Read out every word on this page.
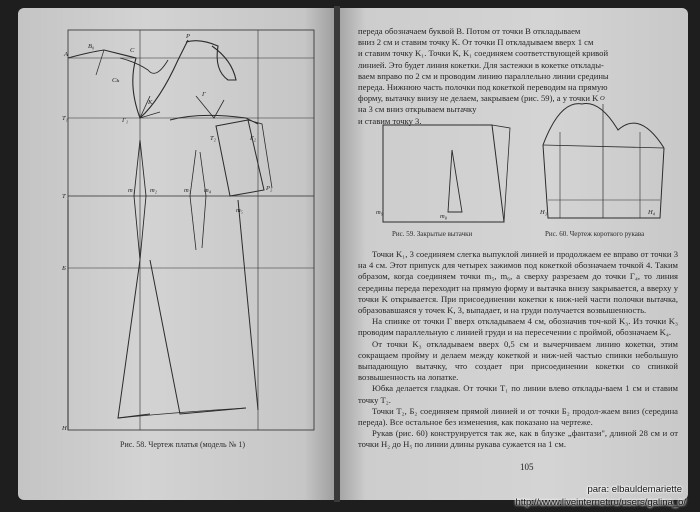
A
В₀
С
Сь
Г₁
T₁
T
Б
Н
P
Г
K
T₂	Г₂
m₁ m₂	m₃ m₄
m₅
Р₂
Рис. 58. Чертеж платья (модель № 1)
переда обозначаем буквой B. Потом от точки B откладываем
вниз 2 см и ставим точку K. От точки П откладываем вверх 1 см
и ставим точку K₁. Точки K, K₁ соединяем соответствующей кривой
линией. Это будет линия кокетки. Для застежки в кокетке отклады-
ваем вправо по 2 см и проводим линию параллельно линии средины
переда. Нижнюю часть полочки под кокеткой переводим на прямую
форму, вытачку внизу не делаем, закрываем (рис. 59), а у точки K
на 3 см вниз открываем вытачку
и ставим точку 3.
m₉
m₈
O
H₃	H₄
Рис. 59. Закрытые вытачки	Рис. 60. Чертеж короткого рукава

Точки K₁, 3 соединяем слегка выпуклой линией и продолжаем ее вправо от точки 3 на 4 см. Этот припуск для четырех зажимов под кокеткой обозначаем точкой 4. Таким образом, когда соединяем точки m₅, m₆, а сверху разрезаем до точки Г₄, то линия середины переда переходит на прямую форму и вытачка внизу закрывается, а вверху у точки K открывается. При присоединении кокетки к ниж-ней части полочки вытачка, образовавшаяся у точек K, 3, выпадает, и на груди получается возвышенность.

На спинке от точки Г вверх откладываем 4 см, обозначив точ-кой K₃. Из точки K₃ проводим параллельную с линией груди и на пересечении с проймой, обозначаем K₄.

От точки K₃ откладываем вверх 0,5 см и вычерчиваем линию кокетки, этим сокращаем пройму и делаем между кокеткой и ниж-ней частью спинки небольшую выпадающую вытачку, что создает при присоединении кокетки со спинкой возвышенность на лопатке.

Юбка делается гладкая. От точки T₁ по линии влево отклады-ваем 1 см и ставим точку T₂.

Точки T₂, Б₂ соединяем прямой линией и от точки Б₂ продол-жаем вниз (середина переда). Все остальное без изменения, как показано на чертеже.

Рукав (рис. 60) конструируется так же, как в блузке „фантази", длиной 28 см и от точки H₂ до H₅ по линии длины рукава сужается на 1 см.

105
para: elbauldemariette
http://www.liveinternet.ru/users/galina_o/
